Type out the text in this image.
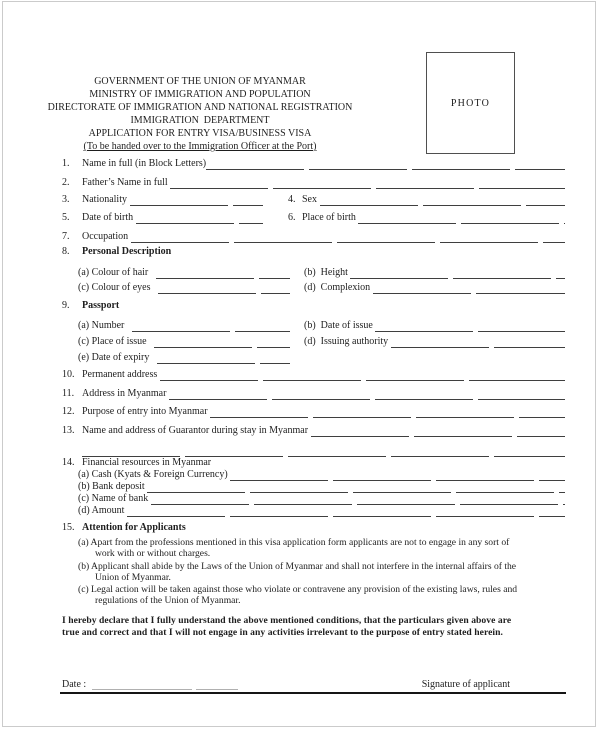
GOVERNMENT OF THE UNION OF MYANMAR
MINISTRY OF IMMIGRATION AND POPULATION
DIRECTORATE OF IMMIGRATION AND NATIONAL REGISTRATION
IMMIGRATION  DEPARTMENT
APPLICATION FOR ENTRY VISA/BUSINESS VISA
(To be handed over to the Immigration Officer at the Port)
PHOTO
1.	Name in full (in Block Letters)
2.	Father’s Name in full
3.	Nationality	4. Sex
5.	Date of birth	6. Place of birth
7.	Occupation
8.	Personal Description
(a) Colour of hair	(b)  Height
(c) Colour of eyes	(d)  Complexion
9.	Passport
(a) Number	(b)  Date of issue
(c) Place of issue	(d)  Issuing authority
(e) Date of expiry
10. Permanent address
11. Address in Myanmar
12. Purpose of entry into Myanmar
13. Name and address of Guarantor during stay in Myanmar
14. Financial resources in Myanmar
(a) Cash (Kyats & Foreign Currency)
(b) Bank deposit
(c) Name of bank
(d) Amount
15. Attention for Applicants
(a) Apart from the professions mentioned in this visa application form applicants are not to engage in any sort of
work with or without charges.
(b) Applicant shall abide by the Laws of the Union of Myanmar and shall not interfere in the internal affairs of the
Union of Myanmar.
(c) Legal action will be taken against those who violate or contravene any provision of the existing laws, rules and
regulations of the Union of Myanmar.
I hereby declare that I fully understand the above mentioned conditions, that the particulars given above are
true and correct and that I will not engage in any activities irrelevant to the purpose of entry stated herein.
Date :	Signature of applicant
